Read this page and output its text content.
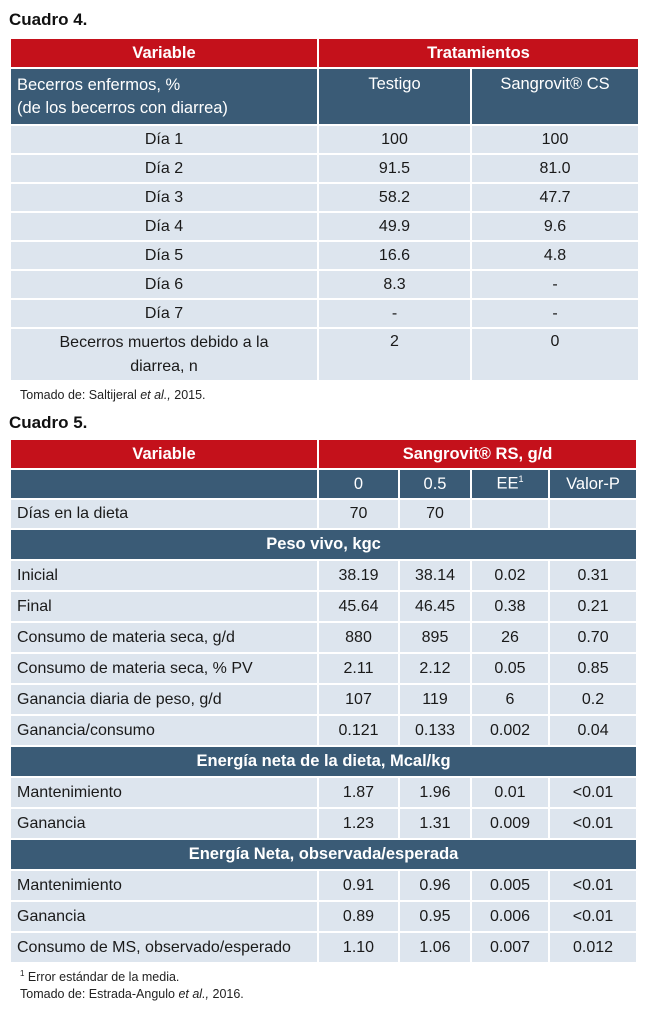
Cuadro 4.
Variable	Tratamientos	

Becerros enfermos, %
(de los becerros con diarrea)	Testigo	Sangrovit® CS
Día 1	100	100
Día 2	91.5	81.0
Día 3	58.2	47.7
Día 4	49.9	9.6
Día 5	16.6	4.8
Día 6	8.3	-
Día 7	-	-

Becerros muertos debido a la
diarrea, n	2	0
Tomado de: Saltijeral et al., 2015.
Cuadro 5.
Variable	Sangrovit® RS, g/d			
	0	0.5	$EE^1$	Valor-P
Días en la dieta	70	70		
Peso vivo, kgc				
Inicial	38.19	38.14	0.02	0.31
Final	45.64	46.45	0.38	0.21
Consumo de materia seca, g/d	880	895	26	0.70
Consumo de materia seca, % PV	2.11	2.12	0.05	0.85
Ganancia diaria de peso, g/d	107	119	6	0.2
Ganancia/consumo	0.121	0.133	0.002	0.04
Energía neta de la dieta, Mcal/kg				
Mantenimiento	1.87	1.96	0.01	<0.01
Ganancia	1.23	1.31	0.009	<0.01
Energía Neta, observada/esperada				
Mantenimiento	0.91	0.96	0.005	<0.01
Ganancia	0.89	0.95	0.006	<0.01
Consumo de MS, observado/esperado	1.10	1.06	0.007	0.012
$^1$ Error estándar de la media.
Tomado de: Estrada-Angulo et al., 2016.
